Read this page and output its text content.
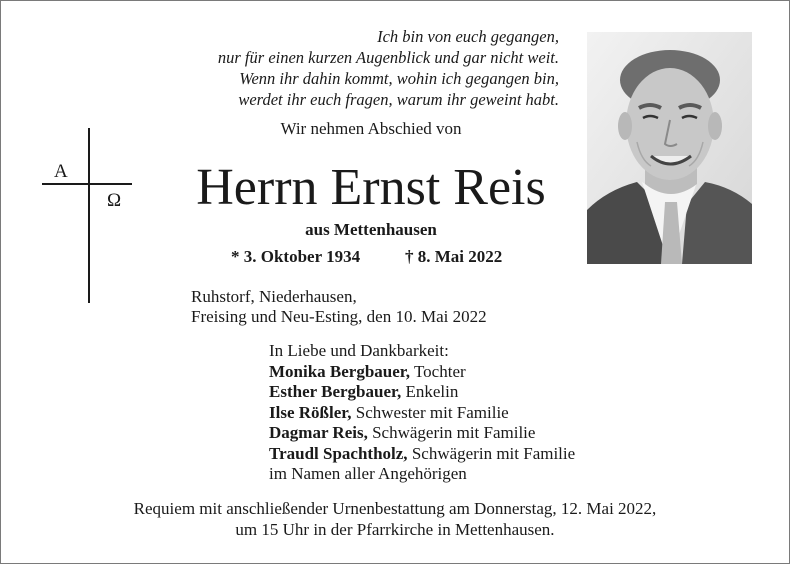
Ich bin von euch gegangen,
nur für einen kurzen Augenblick und gar nicht weit.
Wenn ihr dahin kommt, wohin ich gegangen bin,
werdet ihr euch fragen, warum ihr geweint habt.
A
Ω
Wir nehmen Abschied von
Herrn Ernst Reis
aus Mettenhausen
* 3. Oktober 1934	† 8. Mai 2022
Ruhstorf, Niederhausen,
Freising und Neu-Esting, den 10. Mai 2022
In Liebe und Dankbarkeit:
Monika Bergbauer, Tochter
Esther Bergbauer, Enkelin
Ilse Rößler, Schwester mit Familie
Dagmar Reis, Schwägerin mit Familie
Traudl Spachtholz, Schwägerin mit Familie
im Namen aller Angehörigen
Requiem mit anschließender Urnenbestattung am Donnerstag, 12. Mai 2022,
um 15 Uhr in der Pfarrkirche in Mettenhausen.
